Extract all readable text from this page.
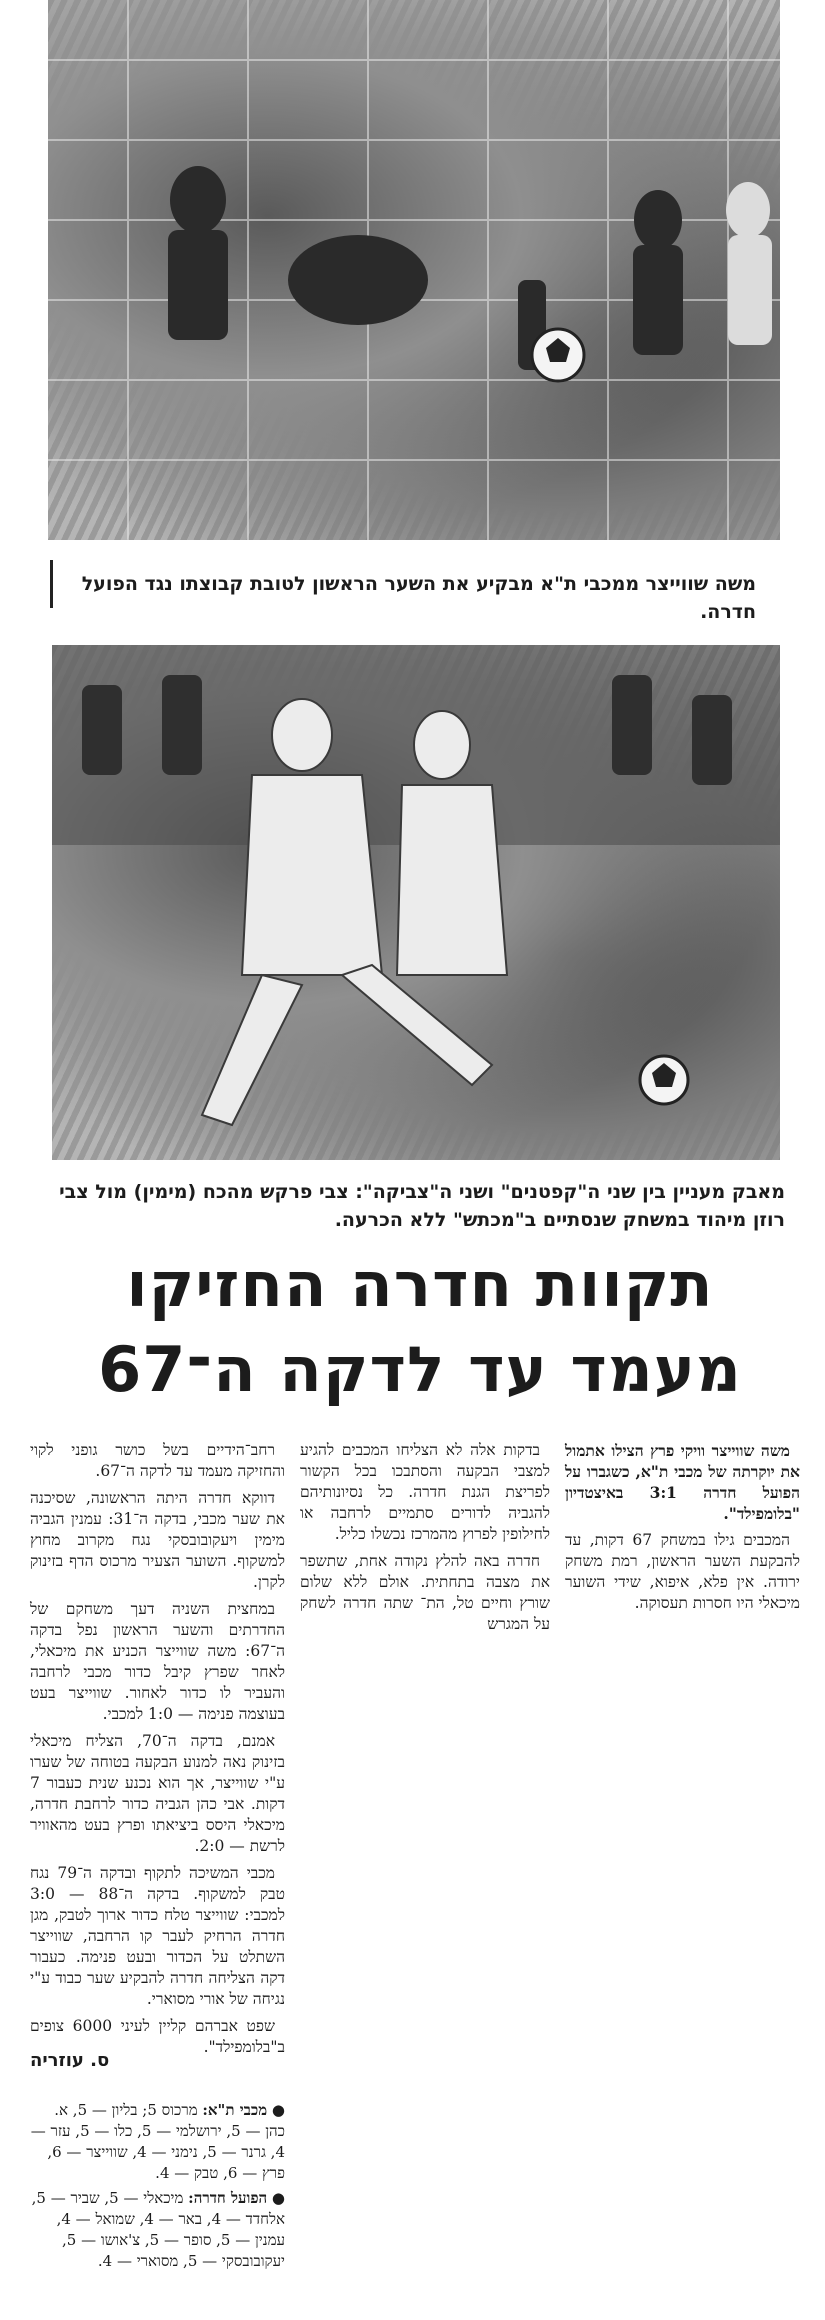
משה שווייצר ממכבי ת"א מבקיע את השער הראשון לטובת קבוצתו נגד הפועל חדרה.
מאבק מעניין בין שני ה"קפטנים" ושני ה"צביקה": צבי פרקש מהכח (מימין) מול צבי רוזן מיהוד במשחק שנסתיים ב"מכתש" ללא הכרעה.
תקוות חדרה החזיקו
מעמד עד לדקה ה־67

משה שווייצר וויקי פרץ הצילו אתמול את יוקרתה של מכבי ת"א, כשגברו על הפועל חדרה 3:1 באיצטדיון "בלומפילד".

המכבים גילו במשחק 67 דקות, עד להבקעת השער הראשון, רמת משחק ירודה. אין פלא, איפוא, שידי השוער מיכאלי היו חסרות תעסוקה.

בדקות אלה לא הצליחו המכבים להגיע למצבי הבקעה והסתבכו בכל הקשור לפריצת הגנת חדרה. כל נסיונותיהם להגביה לדורים סתמיים לרחבה או לחילופין לפרוץ מהמרכז נכשלו כליל.

חדרה באה להלץ נקודה אחת, שתשפר את מצבה בתחתית. אולם ללא שלום שורץ וחיים טל, הת־ שתה חדרה לשחק על המגרש

רחב־הידיים בשל כושר גופני לקוי והחזיקה מעמד עד לדקה ה־67.

דווקא חדרה היתה הראשונה, שסיכנה את שער מכבי, בדקה ה־31: עמנין הגביה מימין ויעקובובסקי נגח מקרוב מחוץ למשקוף. השוער הצעיר מרכוס הדף בזינוק לקרן.

במחצית השניה דעך משחקם של החדרתים והשער הראשון נפל בדקה ה־67: משה שווייצר הכניע את מיכאלי, לאחר שפרץ קיבל כדור מכבי לרחבה והעביר לו כדור לאחור. שווייצר בעט בעוצמה פנימה — 1:0 למכבי.

אמנם, בדקה ה־70, הצליח מיכאלי בזינוק נאה למנוע הבקעה בטוחה של שערו ע"י שווייצר, אך הוא נכנע שנית כעבור 7 דקות. אבי כהן הגביה כדור לרחבת חדרה, מיכאלי היסס ביציאתו ופרץ בעט מהאוויר לרשת — 2:0.

מכבי המשיכה לתקוף ובדקה ה־79 נגח טבק למשקוף. בדקה ה־88 — 3:0 למכבי: שווייצר טלח כדור ארוך לטבק, מגן חדרה הרחיק לעבר קו הרחבה, שווייצר השתלט על הכדור ובעט פנימה. כעבור דקה הצליחה חדרה להבקיע שער כבוד ע"י נגיחה של אורי מסוארי.

שפט אברהם קליין לעיני 6000 צופים ב"בלומפילד".

ס. עוזריה

● מכבי ת"א: מרכוס 5; בליון — 5, א. כהן — 5, ירושלמי — 5, כלו — 5, עזר — 4, גרנר — 5, נימני — 4, שווייצר — 6, פרץ — 6, טבק — 4.

● הפועל חדרה: מיכאלי — 5, שביר — 5, אלחדד — 4, באר — 4, שמואל — 4, עמנין — 5, סופר — 5, צ'אושו — 5, יעקובובסקי — 5, מסוארי — 4.
